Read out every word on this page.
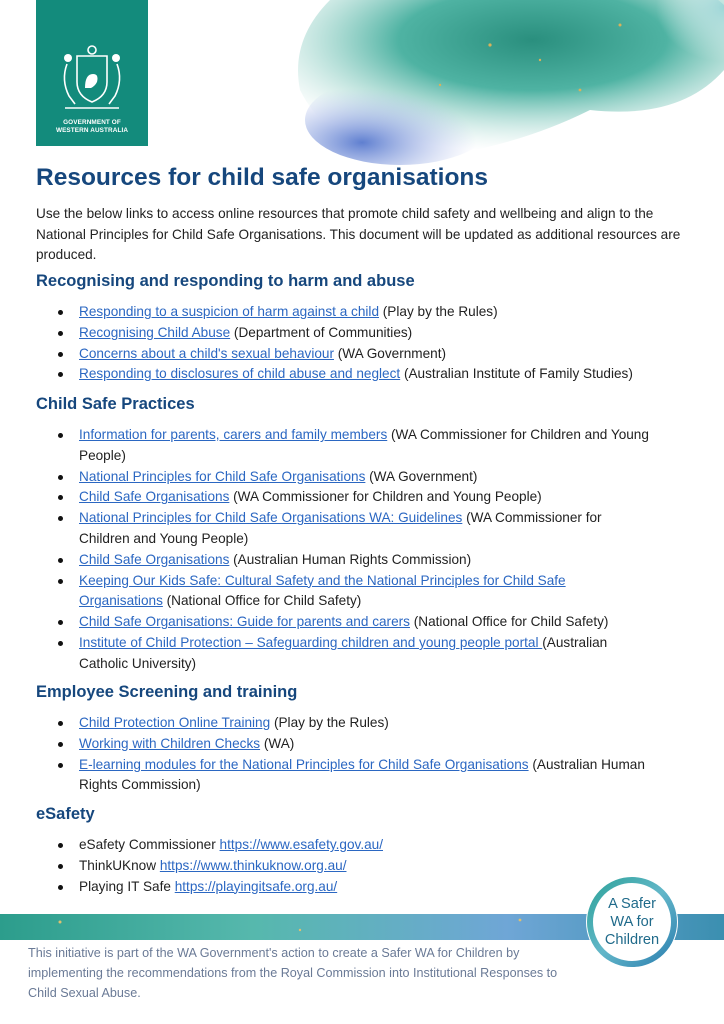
GOVERNMENT OF
WESTERN AUSTRALIA
Resources for child safe organisations

Use the below links to access online resources that promote child safety and wellbeing and align to the National Principles for Child Safe Organisations. This document will be updated as additional resources are produced.

Recognising and responding to harm and abuse
Responding to a suspicion of harm against a child (Play by the Rules)
Recognising Child Abuse (Department of Communities)
Concerns about a child's sexual behaviour (WA Government)
Responding to disclosures of child abuse and neglect (Australian Institute of Family Studies)
Child Safe Practices
Information for parents, carers and family members (WA Commissioner for Children and Young People)
National Principles for Child Safe Organisations (WA Government)
Child Safe Organisations (WA Commissioner for Children and Young People)
National Principles for Child Safe Organisations WA: Guidelines (WA Commissioner for Children and Young People)
Child Safe Organisations (Australian Human Rights Commission)
Keeping Our Kids Safe: Cultural Safety and the National Principles for Child Safe Organisations (National Office for Child Safety)
Child Safe Organisations: Guide for parents and carers (National Office for Child Safety)
Institute of Child Protection – Safeguarding children and young people portal (Australian Catholic University)
Employee Screening and training
Child Protection Online Training (Play by the Rules)
Working with Children Checks (WA)
E-learning modules for the National Principles for Child Safe Organisations (Australian Human Rights Commission)
eSafety
eSafety Commissioner https://www.esafety.gov.au/
ThinkUKnow https://www.thinkuknow.org.au/
Playing IT Safe https://playingitsafe.org.au/

This initiative is part of the WA Government's action to create a Safer WA for Children by implementing the recommendations from the Royal Commission into Institutional Responses to Child Sexual Abuse.

A Safer
WA for
Children
